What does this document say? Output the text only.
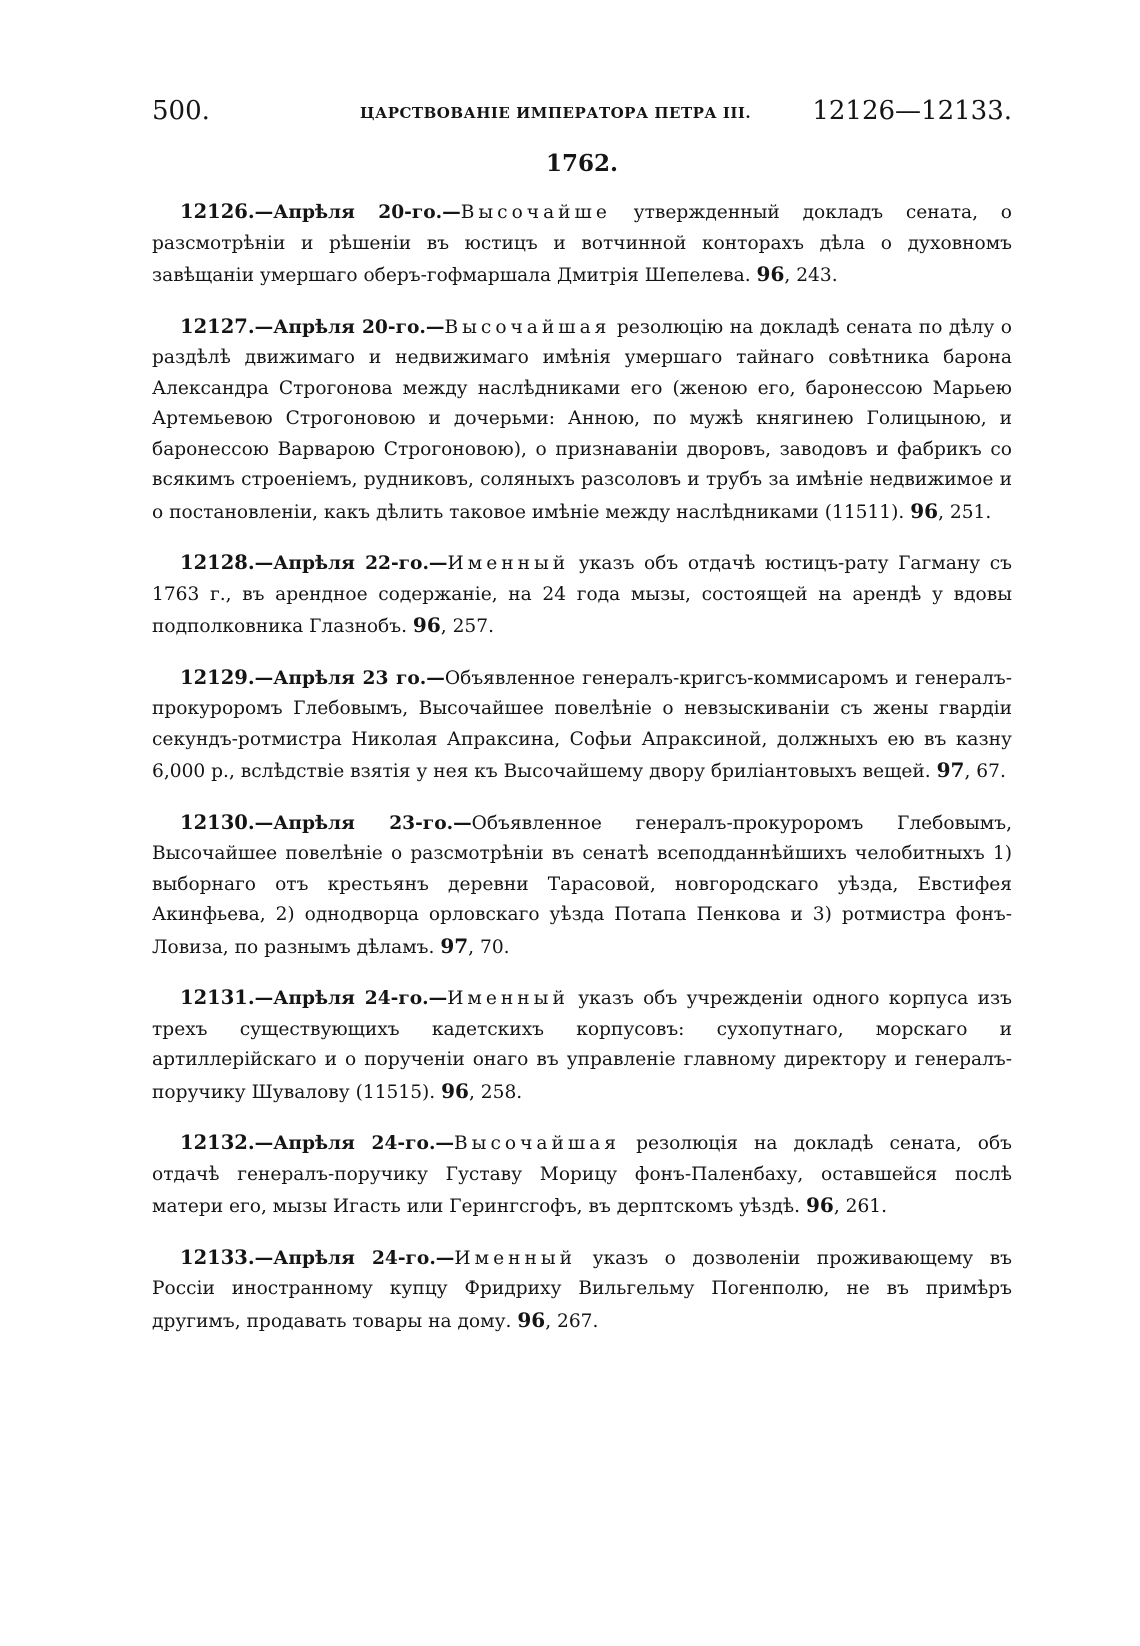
500.	ЦАРСТВОВАНІЕ ИМПЕРАТОРА ПЕТРА III. 12126—12133.
1762.

12126.—Апрѣля 20-го.—Высочайше утвержденный докладъ сената, о разсмотрѣніи и рѣшеніи въ юстицъ и вотчинной конторахъ дѣла о духовномъ завѣщаніи умершаго оберъ-гофмаршала Дмитрія Шепелева. 96, 243.

12127.—Апрѣля 20-го.—Высочайшая резолюцію на докладѣ сената по дѣлу о раздѣлѣ движимаго и недвижимаго имѣнія умершаго тайнаго совѣтника барона Александра Строгонова между наслѣдниками его (женою его, баронессою Марьею Артемьевою Строгоновою и дочерьми: Анною, по мужѣ княгинею Голицыною, и баронессою Варварою Строгоновою), о признаваніи дворовъ, заводовъ и фабрикъ со всякимъ строеніемъ, рудниковъ, соляныхъ разсоловъ и трубъ за имѣніе недвижимое и о постановленіи, какъ дѣлить таковое имѣніе между наслѣдниками (11511). 96, 251.

12128.—Апрѣля 22-го.—Именный указъ объ отдачѣ юстицъ-рату Гагману съ 1763 г., въ арендное содержаніе, на 24 года мызы, состоящей на арендѣ у вдовы подполковника Глазнобъ. 96, 257.

12129.—Апрѣля 23 го.—Объявленное генералъ-кригсъ-коммисаромъ и генералъ-прокуроромъ Глебовымъ, Высочайшее повелѣніе о невзыскиваніи съ жены гвардіи секундъ-ротмистра Николая Апраксина, Софьи Апраксиной, должныхъ ею въ казну 6,000 р., вслѣдствіе взятія у нея къ Высочайшему двору бриліантовыхъ вещей. 97, 67.

12130.—Апрѣля 23-го.—Объявленное генералъ-прокуроромъ Глебовымъ, Высочайшее повелѣніе о разсмотрѣніи въ сенатѣ всеподданнѣйшихъ челобитныхъ 1) выборнаго отъ крестьянъ деревни Тарасовой, новгородскаго уѣзда, Евстифея Акинфьева, 2) однодворца орловскаго уѣзда Потапа Пенкова и 3) ротмистра фонъ-Ловиза, по разнымъ дѣламъ. 97, 70.

12131.—Апрѣля 24-го.—Именный указъ объ учрежденіи одного корпуса изъ трехъ существующихъ кадетскихъ корпусовъ: сухопутнаго, морскаго и артиллерійскаго и о порученіи онаго въ управленіе главному директору и генералъ-поручику Шувалову (11515). 96, 258.

12132.—Апрѣля 24-го.—Высочайшая резолюція на докладѣ сената, объ отдачѣ генералъ-поручику Густаву Морицу фонъ-Паленбаху, оставшейся послѣ матери его, мызы Игасть или Герингсгофъ, въ дерптскомъ уѣздѣ. 96, 261.

12133.—Апрѣля 24-го.—Именный указъ о дозволеніи проживающему въ Россіи иностранному купцу Фридриху Вильгельму Погенполю, не въ примѣръ другимъ, продавать товары на дому. 96, 267.
